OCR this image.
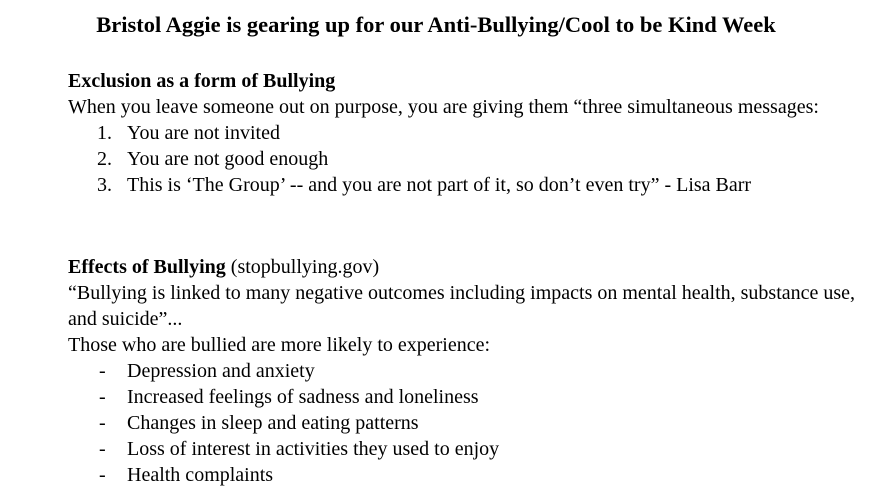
Bristol Aggie is gearing up for our Anti-Bullying/Cool to be Kind Week

Exclusion as a form of Bullying

When you leave someone out on purpose, you are giving them “three simultaneous messages:

1. You are not invited
2. You are not good enough
3. This is ‘The Group’ -- and you are not part of it, so don’t even try” - Lisa Barr

Effects of Bullying (stopbullying.gov)

“Bullying is linked to many negative outcomes including impacts on mental health, substance use, and suicide”...

Those who are bullied are more likely to experience:

- Depression and anxiety
- Increased feelings of sadness and loneliness
- Changes in sleep and eating patterns
- Loss of interest in activities they used to enjoy
- Health complaints
